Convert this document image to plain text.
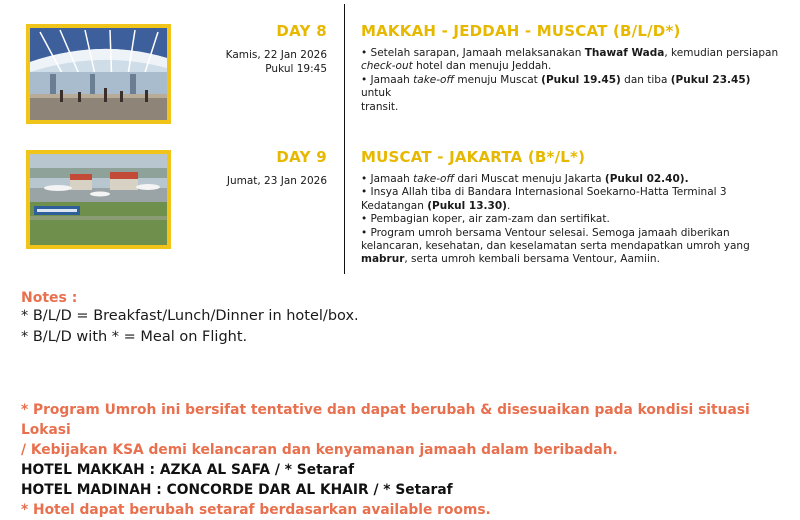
DAY 8
Kamis, 22 Jan 2026
Pukul 19:45
MAKKAH - JEDDAH - MUSCAT (B/L/D*)

• Setelah sarapan, Jamaah melaksanakan Thawaf Wada, kemudian persiapan

check-out hotel dan menuju Jeddah.

• Jamaah take-off menuju Muscat (Pukul 19.45) dan tiba (Pukul 23.45) untuk

transit.

DAY 9
Jumat, 23 Jan 2026
MUSCAT - JAKARTA (B*/L*)

• Jamaah take-off dari Muscat menuju Jakarta (Pukul 02.40).

• Insya Allah tiba di Bandara Internasional Soekarno-Hatta Terminal 3

Kedatangan (Pukul 13.30).

• Pembagian koper, air zam-zam dan sertifikat.

• Program umroh bersama Ventour selesai. Semoga jamaah diberikan

kelancaran, kesehatan, dan keselamatan serta mendapatkan umroh yang

mabrur, serta umroh kembali bersama Ventour, Aamiin.

Notes :
* B/L/D = Breakfast/Lunch/Dinner in hotel/box.
* B/L/D with * = Meal on Flight.
* Program Umroh ini bersifat tentative dan dapat berubah & disesuaikan pada kondisi situasi Lokasi
/ Kebijakan KSA demi kelancaran dan kenyamanan jamaah dalam beribadah.
HOTEL MAKKAH : AZKA AL SAFA / * Setaraf
HOTEL MADINAH : CONCORDE DAR AL KHAIR / * Setaraf
* Hotel dapat berubah setaraf berdasarkan available rooms.
